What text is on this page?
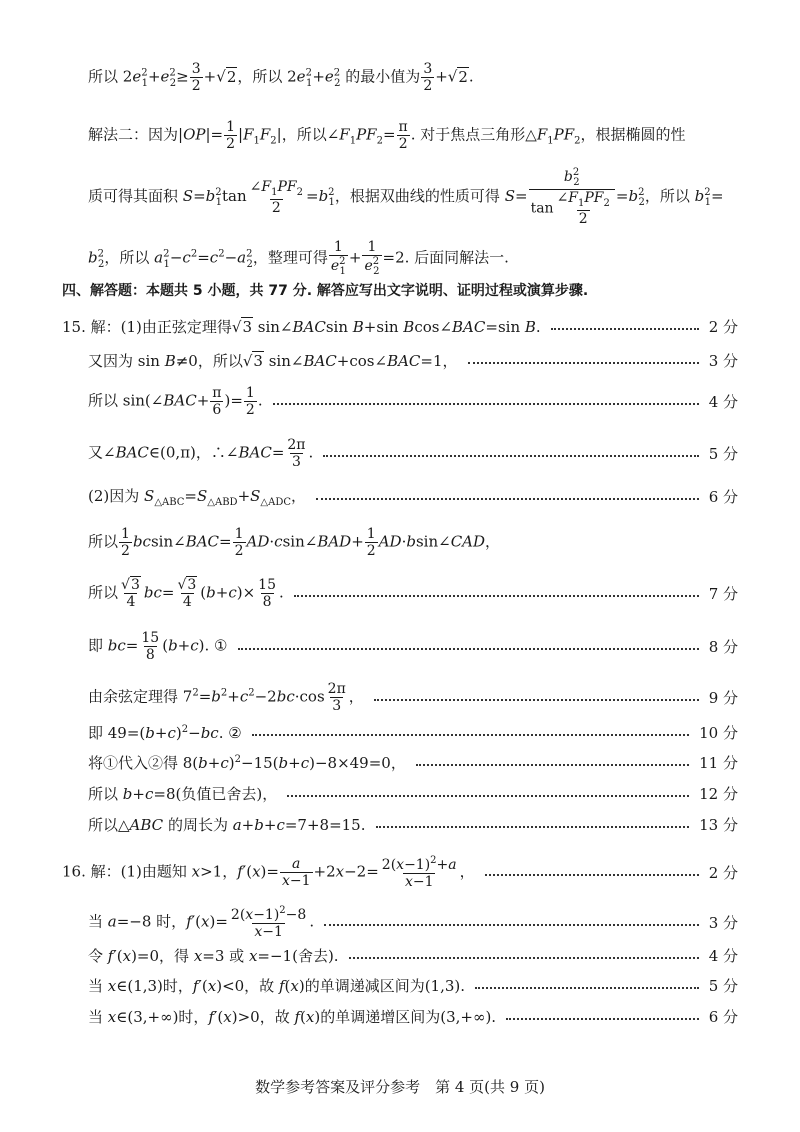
所以 $2e^2_1+e^2_2\ge \frac{3}{2} +√2$，所以 $2e^2_1+e^2_2$ 的最小值为 $\frac{3}{2} +√2$.
解法二：因为$|OP|= \frac{1}{2} |F_1F_2|$，所以$\angle F_1PF_2= \frac{\pi}{2}$ . 对于焦点三角形$\triangle F_1PF_2$，根据椭圆的性
质可得其面积 $S=b^2_1\tan \frac{\angle F_1PF_2}{2} =b^2_1$，根据双曲线的性质可得 $S= \frac{b^2_2}{\tan \frac{\angle F_1PF_2}{2}} =b^2_2$，所以 $b^2_1=$
$b^2_2$，所以 $a^2_1-c^2=c^2-a^2_2$，整理可得 $\frac{1}{e^2_1} + \frac{1}{e^2_2} =2$. 后面同解法一.
四、解答题：本题共 5 小题，共 77 分. 解答应写出文字说明、证明过程或演算步骤.
15. 解：(1)由正弦定理得√3 sin∠BACsin B+sin Bcos∠BAC=sin B.	2 分
又因为 sin B≠0，所以√3 sin∠BAC+cos∠BAC=1，	3 分
所以 sin(∠BAC+ $\frac{\pi}{6}$ )= $\frac{1}{2}$ .	4 分
又∠BAC∈(0,π)，∴∠BAC= $\frac{2\pi}{3}$ .	5 分
(2)因为 $S_{\triangle ABC}=S_{\triangle ABD}+S_{\triangle ADC}$，	6 分
所以 $\frac{1}{2}$ bcsin∠BAC= $\frac{1}{2}$ AD·csin∠BAD+ $\frac{1}{2}$ AD·bsin∠CAD，
所以 $\frac{√3}{4} bc= \frac{√3}{4} (b+c)\times \frac{15}{8}$ .	7 分
即 $bc= \frac{15}{8} (b+c)$. ①	8 分
由余弦定理得 $7^2=b^2+c^2-2bc\cdot\cos \frac{2\pi}{3}$ ，	9 分
即 $49=(b+c)^2-bc$. ②	10 分
将①代入②得 $8(b+c)^2-15(b+c)-8\times 49=0$，	11 分
所以 b+c=8(负值已舍去)，	12 分
所以△ABC 的周长为 a+b+c=7+8=15.	13 分
16. 解：(1)由题知 x>1，$f'(x)= \frac{a}{x-1} +2x-2= \frac{2(x-1)^2+a}{x-1}$ ，	2 分
当 a=−8 时，$f'(x)= \frac{2(x-1)^2-8}{x-1}$ .	3 分
令 f′(x)=0，得 x=3 或 x=−1(舍去).	4 分
当 x∈(1,3)时，f′(x)<0，故 f(x)的单调递减区间为(1,3).	5 分
当 x∈(3,+∞)时，f′(x)>0，故 f(x)的单调递增区间为(3,+∞).	6 分
数学参考答案及评分参考　第 4 页(共 9 页)
